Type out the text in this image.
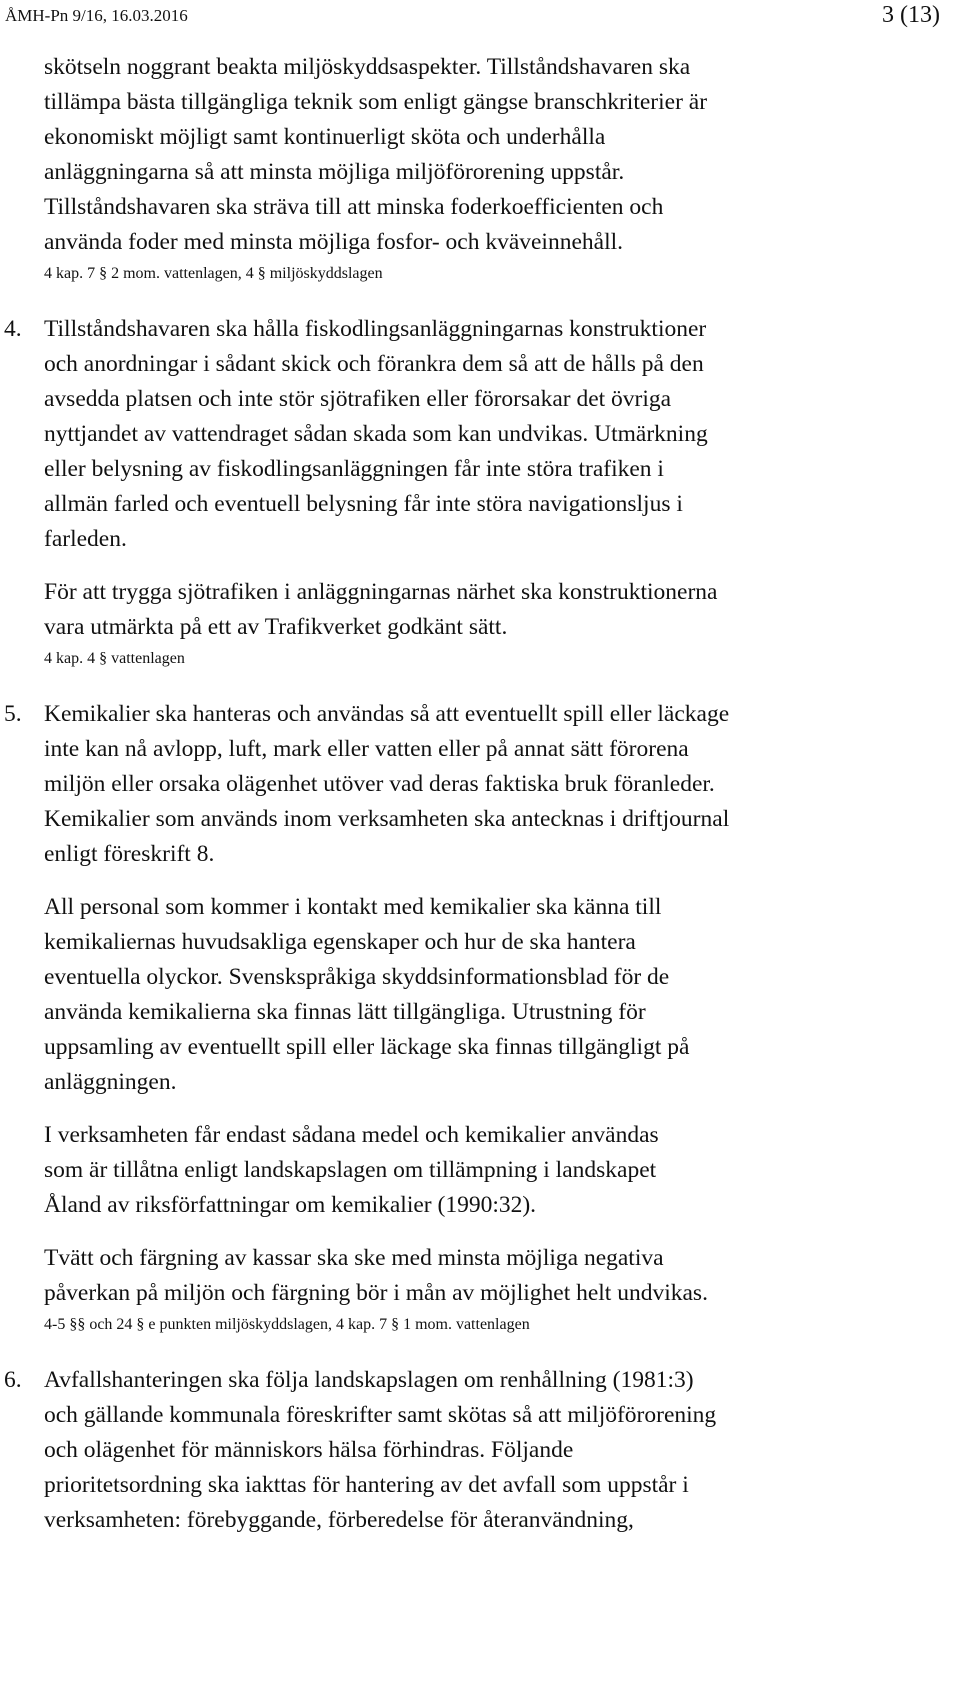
ÅMH-Pn 9/16, 16.03.2016	3 (13)
skötseln noggrant beakta miljöskyddsaspekter. Tillståndshavaren ska
tillämpa bästa tillgängliga teknik som enligt gängse branschkriterier är
ekonomiskt möjligt samt kontinuerligt sköta och underhålla
anläggningarna så att minsta möjliga miljöförorening uppstår.
Tillståndshavaren ska sträva till att minska foderkoefficienten och
använda foder med minsta möjliga fosfor- och kväveinnehåll.
4 kap. 7 § 2 mom. vattenlagen, 4 § miljöskyddslagen
4. Tillståndshavaren ska hålla fiskodlingsanläggningarnas konstruktioner
och anordningar i sådant skick och förankra dem så att de hålls på den
avsedda platsen och inte stör sjötrafiken eller förorsakar det övriga
nyttjandet av vattendraget sådan skada som kan undvikas. Utmärkning
eller belysning av fiskodlingsanläggningen får inte störa trafiken i
allmän farled och eventuell belysning får inte störa navigationsljus i
farleden.
För att trygga sjötrafiken i anläggningarnas närhet ska konstruktionerna
vara utmärkta på ett av Trafikverket godkänt sätt.
4 kap. 4 § vattenlagen
5. Kemikalier ska hanteras och användas så att eventuellt spill eller läckage
inte kan nå avlopp, luft, mark eller vatten eller på annat sätt förorena
miljön eller orsaka olägenhet utöver vad deras faktiska bruk föranleder.
Kemikalier som används inom verksamheten ska antecknas i driftjournal
enligt föreskrift 8.
All personal som kommer i kontakt med kemikalier ska känna till
kemikaliernas huvudsakliga egenskaper och hur de ska hantera
eventuella olyckor. Svenskspråkiga skyddsinformationsblad för de
använda kemikalierna ska finnas lätt tillgängliga. Utrustning för
uppsamling av eventuellt spill eller läckage ska finnas tillgängligt på
anläggningen.
I verksamheten får endast sådana medel och kemikalier användas
som är tillåtna enligt landskapslagen om tillämpning i landskapet
Åland av riksförfattningar om kemikalier (1990:32).
Tvätt och färgning av kassar ska ske med minsta möjliga negativa
påverkan på miljön och färgning bör i mån av möjlighet helt undvikas.
4-5 §§ och 24 § e punkten miljöskyddslagen, 4 kap. 7 § 1 mom. vattenlagen
6. Avfallshanteringen ska följa landskapslagen om renhållning (1981:3)
och gällande kommunala föreskrifter samt skötas så att miljöförorening
och olägenhet för människors hälsa förhindras. Följande
prioritetsordning ska iakttas för hantering av det avfall som uppstår i
verksamheten: förebyggande, förberedelse för återanvändning,
